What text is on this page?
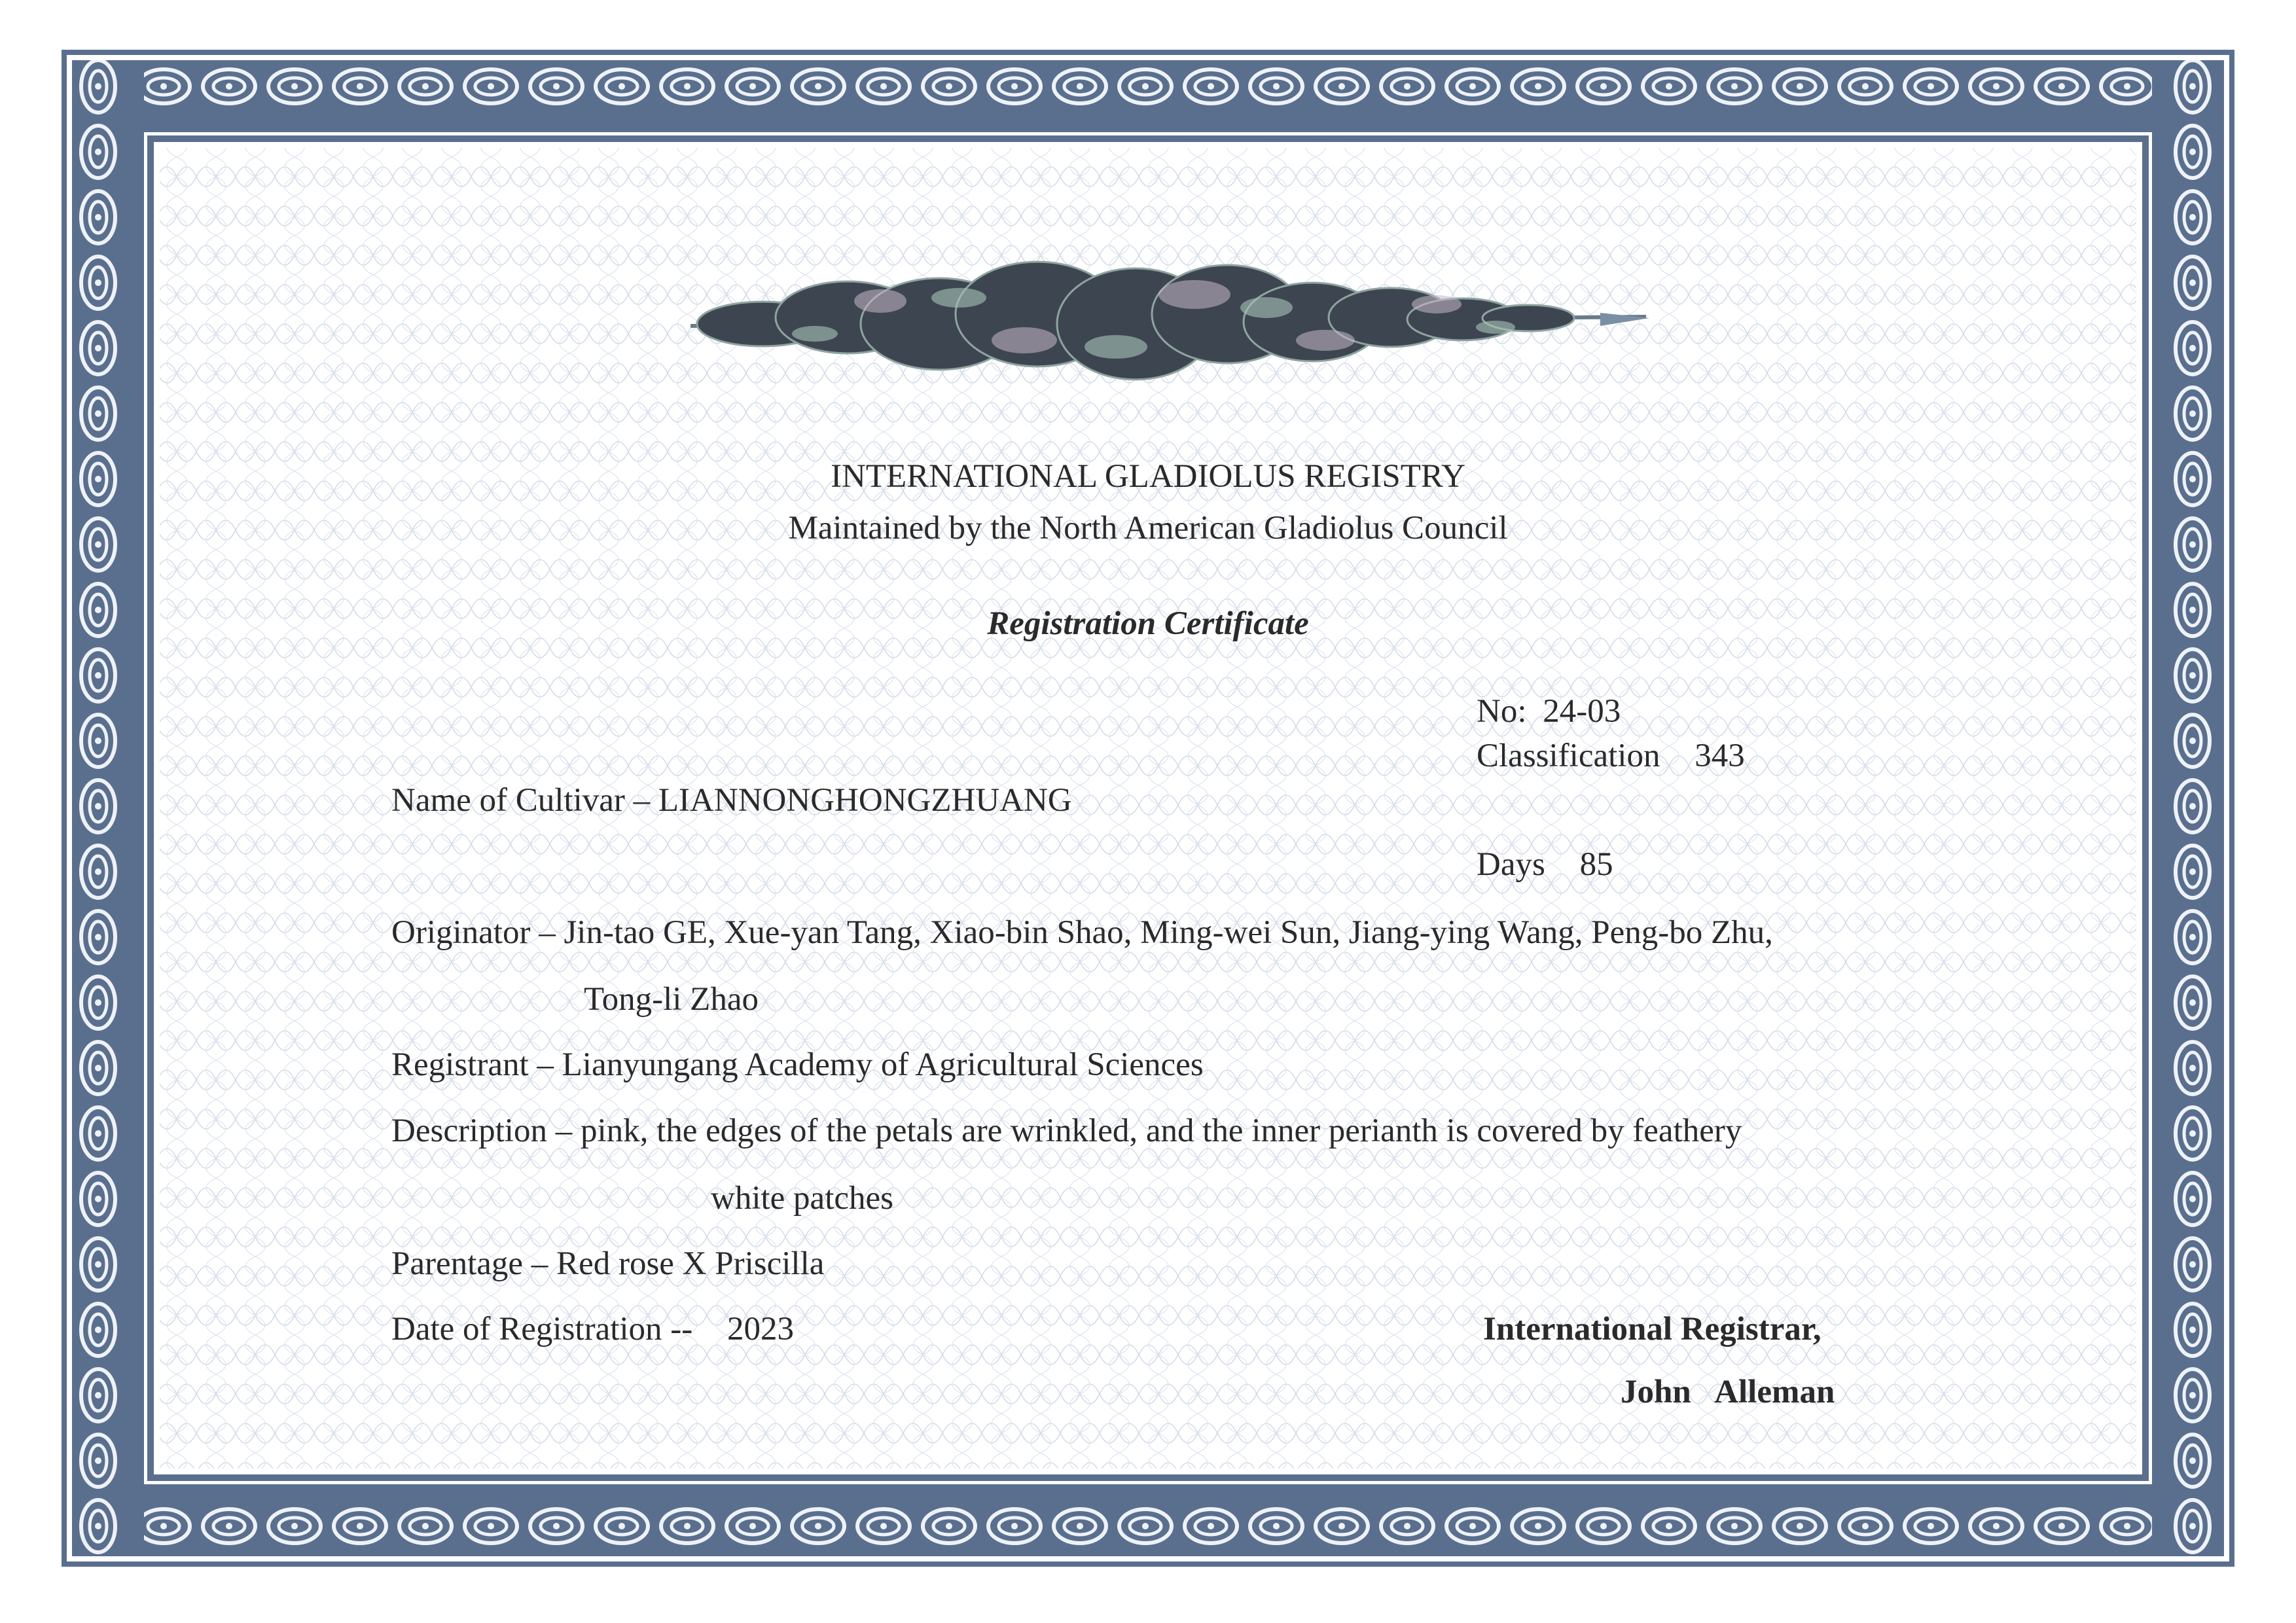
INTERNATIONAL GLADIOLUS REGISTRY
Maintained by the North American Gladiolus Council
Registration Certificate
No: 24-03
Classification 343
Days 85
Name of Cultivar – LIANNONGHONGZHUANG
Originator – Jin-tao GE, Xue-yan Tang, Xiao-bin Shao, Ming-wei Sun, Jiang-ying Wang, Peng-bo Zhu,
Tong-li Zhao
Registrant – Lianyungang Academy of Agricultural Sciences
Description – pink, the edges of the petals are wrinkled, and the inner perianth is covered by feathery
white patches
Parentage – Red rose X Priscilla
Date of Registration -- 2023	International Registrar,
John   Alleman
